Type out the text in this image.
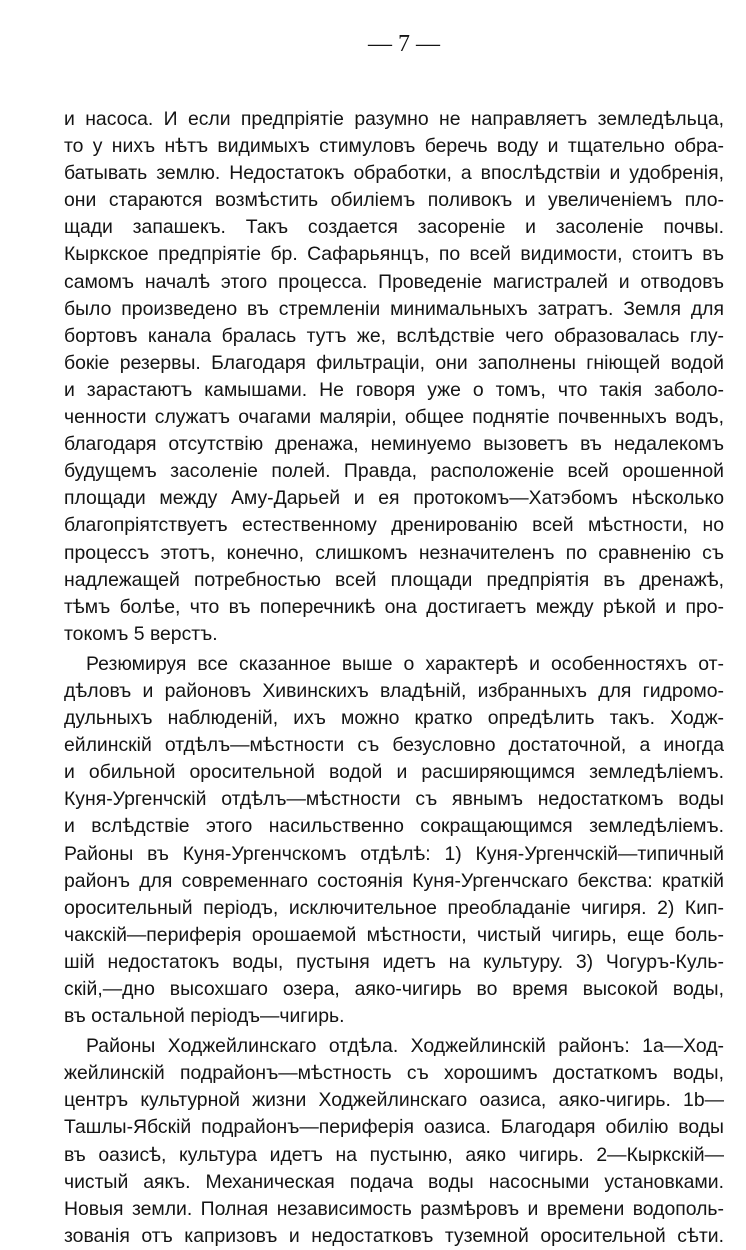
— 7 —
и насоса. И если предпріятіе разумно не направляетъ земледѣльца,
то у нихъ нѣтъ видимыхъ стимуловъ беречь воду и тщательно обра-
батывать землю. Недостатокъ обработки, а впослѣдствіи и удобренія,
они стараются возмѣстить обиліемъ поливокъ и увеличеніемъ пло-
щади запашекъ. Такъ создается засореніе и засоленіе почвы.
Кыркское предпріятіе бр. Сафарьянцъ, по всей видимости, стоитъ въ
самомъ началѣ этого процесса. Проведеніе магистралей и отводовъ
было произведено въ стремленіи минимальныхъ затратъ. Земля для
бортовъ канала бралась тутъ же, вслѣдствіе чего образовалась глу-
бокіе резервы. Благодаря фильтраціи, они заполнены гніющей водой
и зарастаютъ камышами. Не говоря уже о томъ, что такія заболо-
ченности служатъ очагами маляріи, общее поднятіе почвенныхъ водъ,
благодаря отсутствію дренажа, неминуемо вызоветъ въ недалекомъ
будущемъ засоленіе полей. Правда, расположеніе всей орошенной
площади между Аму-Дарьей и ея протокомъ—Хатэбомъ нѣсколько
благопріятствуетъ естественному дренированію всей мѣстности, но
процессъ этотъ, конечно, слишкомъ незначителенъ по сравненію съ
надлежащей потребностью всей площади предпріятія въ дренажѣ,
тѣмъ болѣе, что въ поперечникѣ она достигаетъ между рѣкой и про-
токомъ 5 верстъ.
Резюмируя все сказанное выше о характерѣ и особенностяхъ от-
дѣловъ и районовъ Хивинскихъ владѣній, избранныхъ для гидромо-
дульныхъ наблюденій, ихъ можно кратко опредѣлить такъ. Ходж-
ейлинскій отдѣлъ—мѣстности съ безусловно достаточной, а иногда
и обильной оросительной водой и расширяющимся земледѣліемъ.
Куня-Ургенчскій отдѣлъ—мѣстности съ явнымъ недостаткомъ воды
и вслѣдствіе этого насильственно сокращающимся земледѣліемъ.
Районы въ Куня-Ургенчскомъ отдѣлѣ: 1) Куня-Ургенчскій—типичный
районъ для современнаго состоянія Куня-Ургенчскаго бекства: краткій
оросительный періодъ, исключительное преобладаніе чигиря. 2) Кип-
чакскій—периферія орошаемой мѣстности, чистый чигирь, еще боль-
шій недостатокъ воды, пустыня идетъ на культуру. 3) Чогуръ-Куль-
скій,—дно высохшаго озера, аяко-чигирь во время высокой воды,
въ остальной періодъ—чигирь.
Районы Ходжейлинскаго отдѣла. Ходжейлинскій районъ: 1а—Ход-
жейлинскій подрайонъ—мѣстность съ хорошимъ достаткомъ воды,
центръ культурной жизни Ходжейлинскаго оазиса, аяко-чигирь. 1b—
Ташлы-Ябскій подрайонъ—периферія оазиса. Благодаря обилію воды
въ оазисѣ, культура идетъ на пустыню, аяко чигирь. 2—Кыркскій—
чистый аякъ. Механическая подача воды насосными установками.
Новыя земли. Полная независимость размѣровъ и времени водополь-
зованія отъ капризовъ и недостатковъ туземной оросительной сѣти.
